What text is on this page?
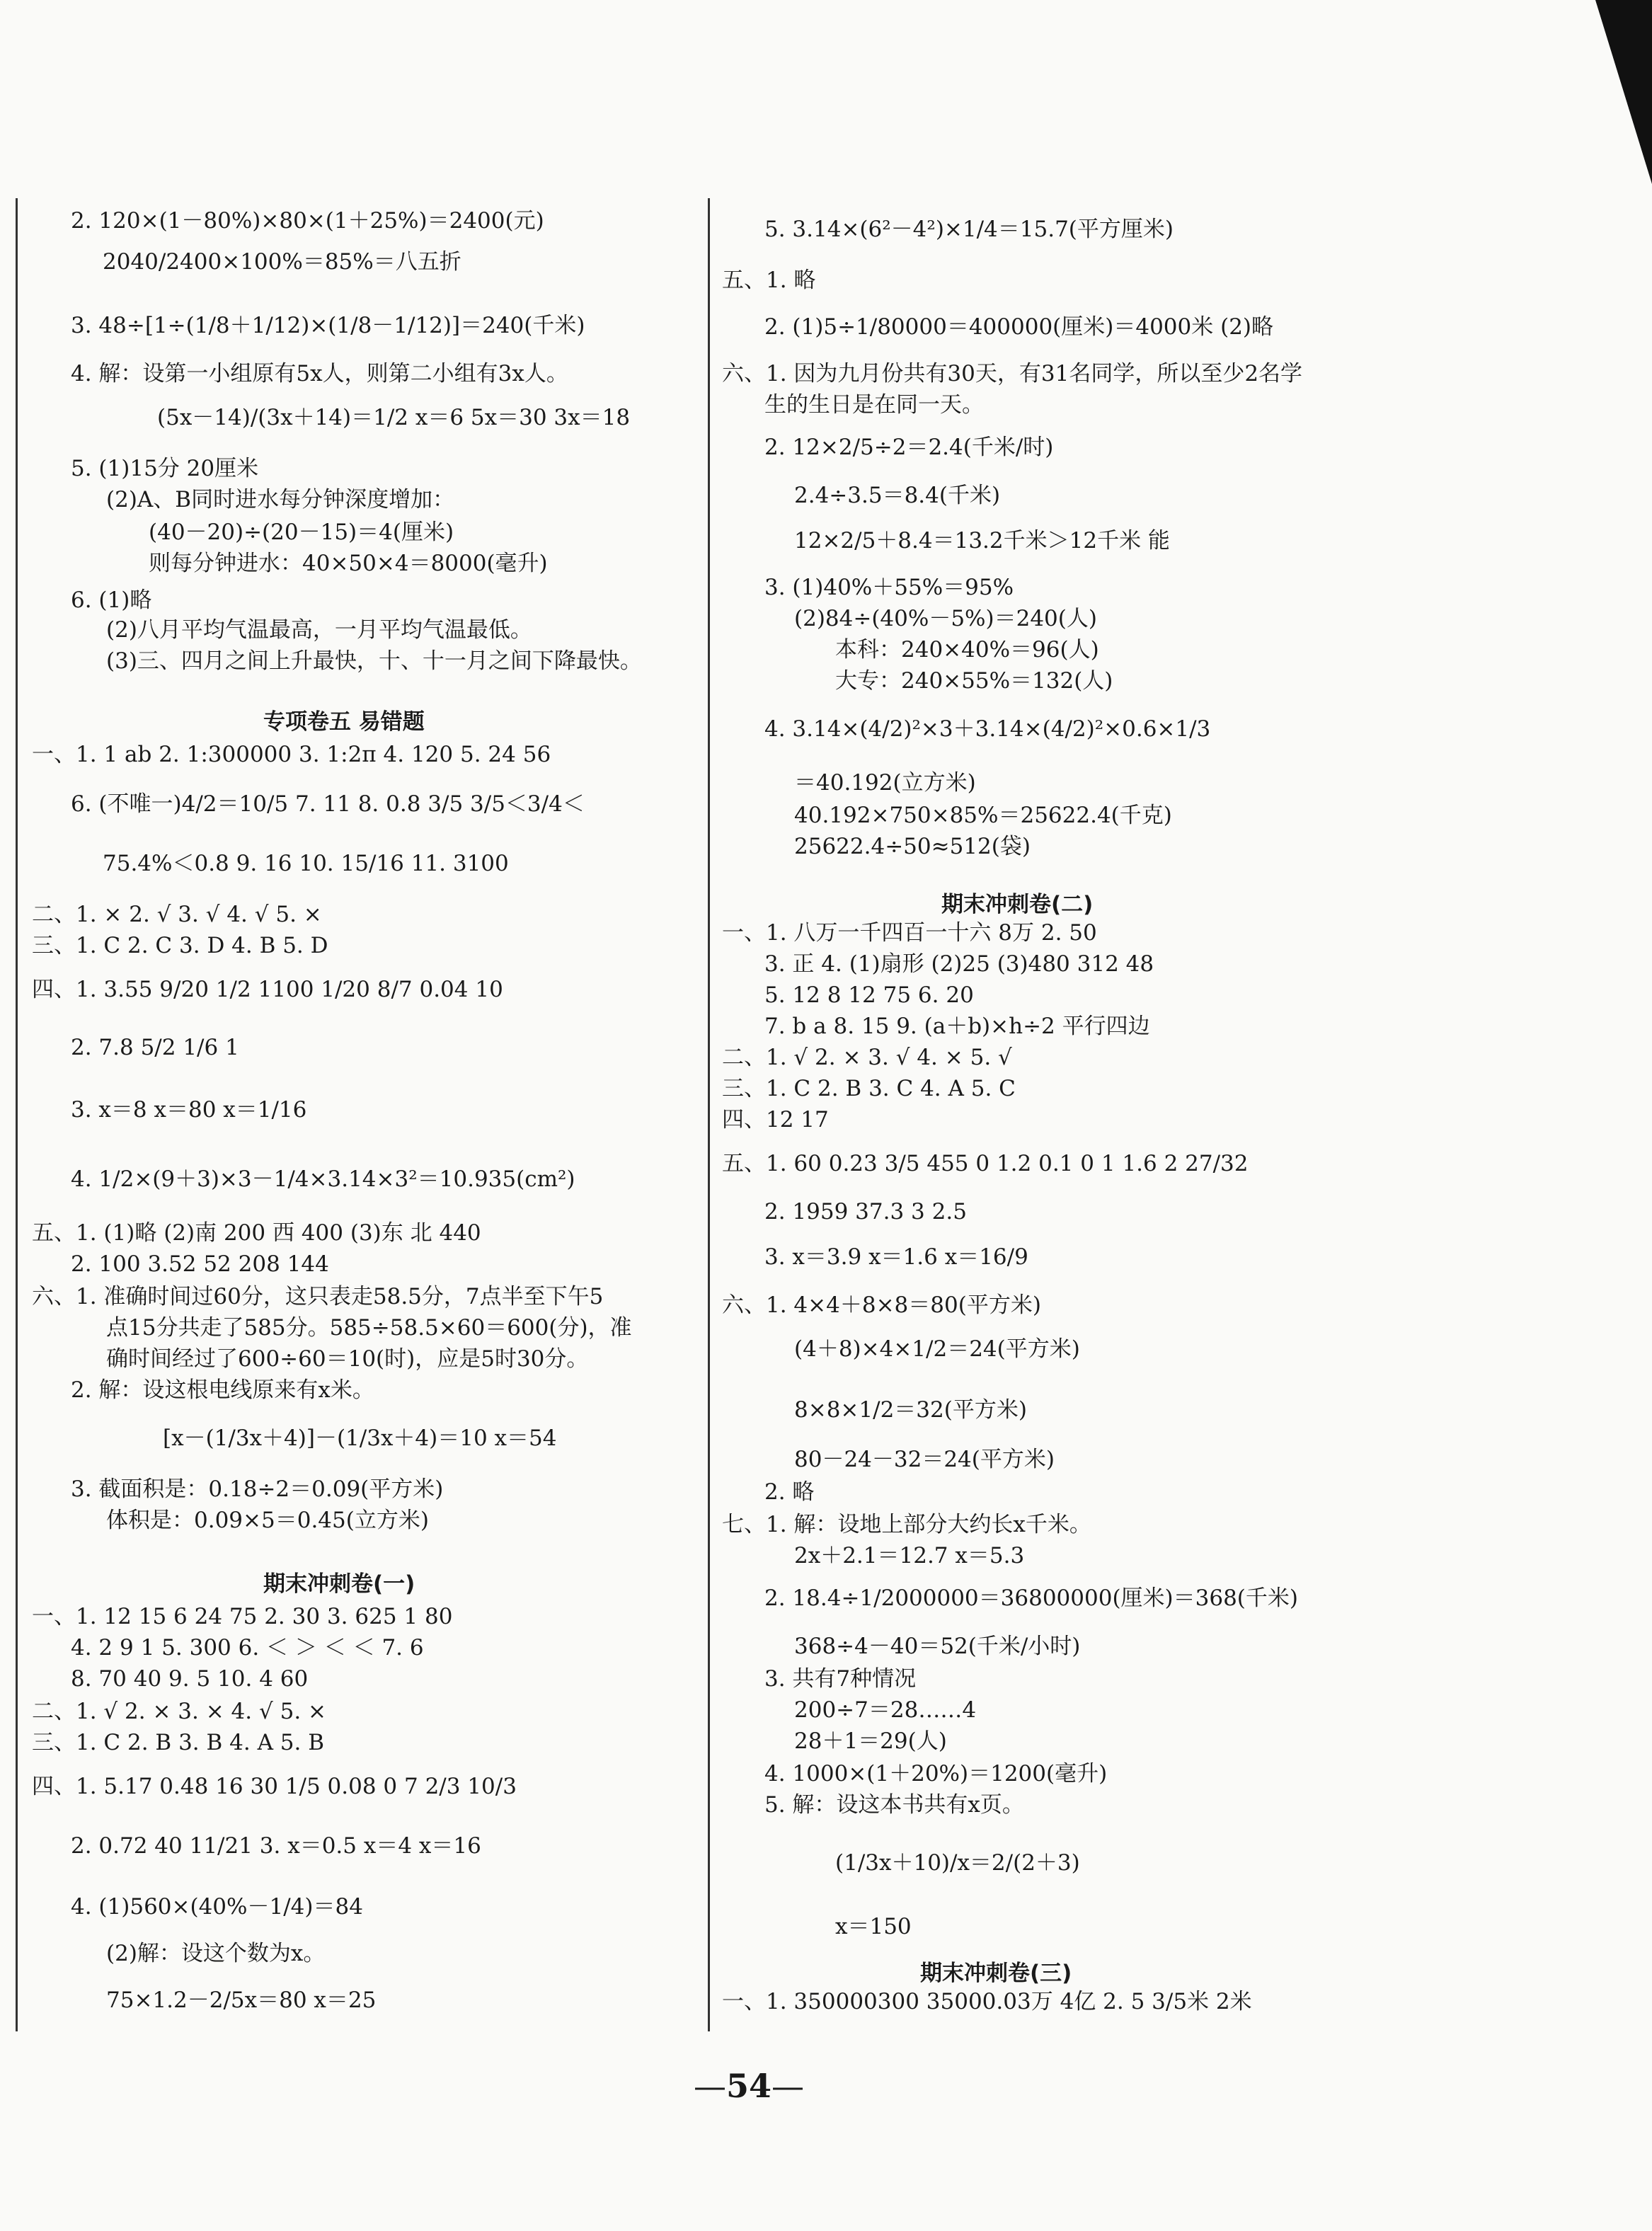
2. 120×(1－80%)×80×(1＋25%)＝2400(元)
2040/2400×100%＝85%＝八五折
3. 48÷[1÷(1/8＋1/12)×(1/8－1/12)]＝240(千米)
4. 解：设第一小组原有5x人，则第二小组有3x人。
(5x－14)/(3x＋14)＝1/2 x＝6 5x＝30 3x＝18
5. (1)15分 20厘米
(2)A、B同时进水每分钟深度增加：
(40－20)÷(20－15)＝4(厘米)
则每分钟进水：40×50×4＝8000(毫升)
6. (1)略
(2)八月平均气温最高，一月平均气温最低。
(3)三、四月之间上升最快，十、十一月之间下降最快。
专项卷五 易错题
一、1. 1 ab 2. 1:300000 3. 1:2π 4. 120 5. 24 56
6. (不唯一)4/2＝10/5 7. 11 8. 0.8 3/5 3/5＜3/4＜
75.4%＜0.8 9. 16 10. 15/16 11. 3100
二、1. × 2. √ 3. √ 4. √ 5. ×
三、1. C 2. C 3. D 4. B 5. D
四、1. 3.55 9/20 1/2 1100 1/20 8/7 0.04 10
2. 7.8 5/2 1/6 1
3. x＝8 x＝80 x＝1/16
4. 1/2×(9＋3)×3－1/4×3.14×3²＝10.935(cm²)
五、1. (1)略 (2)南 200 西 400 (3)东 北 440
2. 100 3.52 52 208 144
六、1. 准确时间过60分，这只表走58.5分，7点半至下午5
点15分共走了585分。585÷58.5×60＝600(分)，准
确时间经过了600÷60＝10(时)，应是5时30分。
2. 解：设这根电线原来有x米。
[x－(1/3x＋4)]－(1/3x＋4)＝10 x＝54
3. 截面积是：0.18÷2＝0.09(平方米)
体积是：0.09×5＝0.45(立方米)
期末冲刺卷(一)
一、1. 12 15 6 24 75 2. 30 3. 625 1 80
4. 2 9 1 5. 300 6. ＜ ＞ ＜ ＜ 7. 6
8. 70 40 9. 5 10. 4 60
二、1. √ 2. × 3. × 4. √ 5. ×
三、1. C 2. B 3. B 4. A 5. B
四、1. 5.17 0.48 16 30 1/5 0.08 0 7 2/3 10/3
2. 0.72 40 11/21 3. x＝0.5 x＝4 x＝16
4. (1)560×(40%－1/4)＝84
(2)解：设这个数为x。
75×1.2－2/5x＝80 x＝25
5. 3.14×(6²－4²)×1/4＝15.7(平方厘米)
五、1. 略
2. (1)5÷1/80000＝400000(厘米)＝4000米 (2)略
六、1. 因为九月份共有30天，有31名同学，所以至少2名学
生的生日是在同一天。
2. 12×2/5÷2＝2.4(千米/时)
2.4÷3.5＝8.4(千米)
12×2/5＋8.4＝13.2千米＞12千米 能
3. (1)40%＋55%＝95%
(2)84÷(40%－5%)＝240(人)
本科：240×40%＝96(人)
大专：240×55%＝132(人)
4. 3.14×(4/2)²×3＋3.14×(4/2)²×0.6×1/3
＝40.192(立方米)
40.192×750×85%＝25622.4(千克)
25622.4÷50≈512(袋)
期末冲刺卷(二)
一、1. 八万一千四百一十六 8万 2. 50
3. 正 4. (1)扇形 (2)25 (3)480 312 48
5. 12 8 12 75 6. 20
7. b a 8. 15 9. (a＋b)×h÷2 平行四边
二、1. √ 2. × 3. √ 4. × 5. √
三、1. C 2. B 3. C 4. A 5. C
四、12 17
五、1. 60 0.23 3/5 455 0 1.2 0.1 0 1 1.6 2 27/32
2. 1959 37.3 3 2.5
3. x＝3.9 x＝1.6 x＝16/9
六、1. 4×4＋8×8＝80(平方米)
(4＋8)×4×1/2＝24(平方米)
8×8×1/2＝32(平方米)
80－24－32＝24(平方米)
2. 略
七、1. 解：设地上部分大约长x千米。
2x＋2.1＝12.7 x＝5.3
2. 18.4÷1/2000000＝36800000(厘米)＝368(千米)
368÷4－40＝52(千米/小时)
3. 共有7种情况
200÷7＝28……4
28＋1＝29(人)
4. 1000×(1＋20%)＝1200(毫升)
5. 解：设这本书共有x页。
(1/3x＋10)/x＝2/(2＋3)
x＝150
期末冲刺卷(三)
一、1. 350000300 35000.03万 4亿 2. 5 3/5米 2米
— 54 —
